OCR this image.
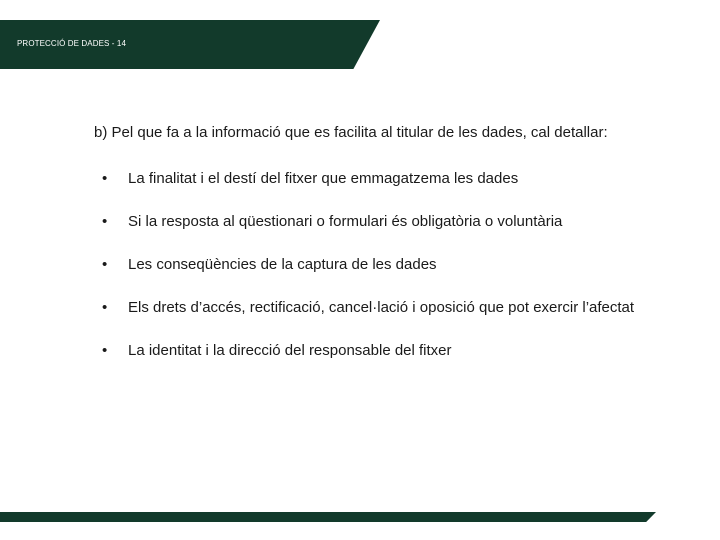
PROTECCIÓ DE DADES - 14
b) Pel que fa a la informació que es facilita al titular de les dades, cal detallar:
•	La finalitat i el destí del fitxer que emmagatzema les dades
•	Si la resposta al qüestionari o formulari és obligatòria o voluntària
•	Les conseqüències de la captura de les dades
•	Els drets d’accés, rectificació, cancel·lació i oposició que pot exercir l’afectat
•	La identitat i la direcció del responsable del fitxer
